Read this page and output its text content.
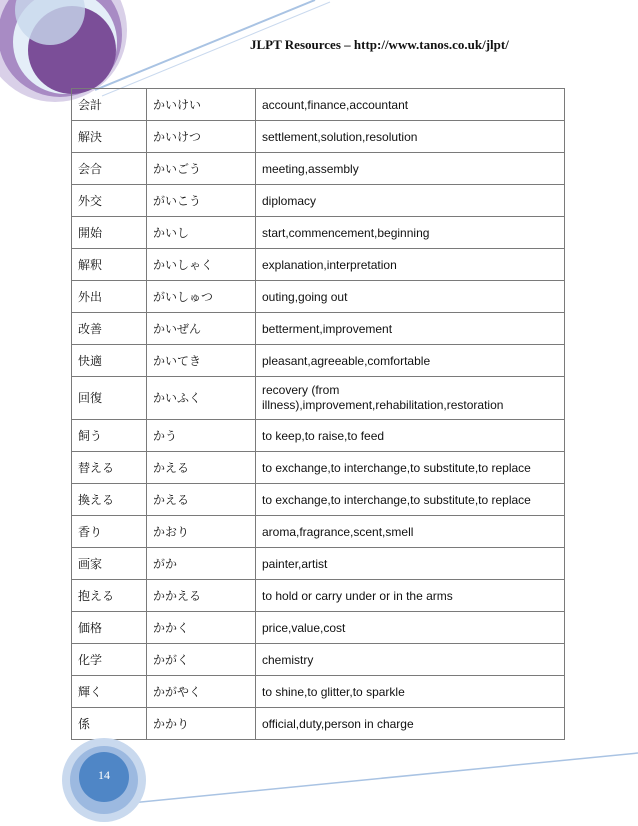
JLPT Resources – http://www.tanos.co.uk/jlpt/
会計	かいけい	account,finance,accountant
解決	かいけつ	settlement,solution,resolution
会合	かいごう	meeting,assembly
外交	がいこう	diplomacy
開始	かいし	start,commencement,beginning
解釈	かいしゃく	explanation,interpretation
外出	がいしゅつ	outing,going out
改善	かいぜん	betterment,improvement
快適	かいてき	pleasant,agreeable,comfortable
回復	かいふく	recovery (from illness),improvement,rehabilitation,restoration
飼う	かう	to keep,to raise,to feed
替える	かえる	to exchange,to interchange,to substitute,to replace
換える	かえる	to exchange,to interchange,to substitute,to replace
香り	かおり	aroma,fragrance,scent,smell
画家	がか	painter,artist
抱える	かかえる	to hold or carry under or in the arms
価格	かかく	price,value,cost
化学	かがく	chemistry
輝く	かがやく	to shine,to glitter,to sparkle
係	かかり	official,duty,person in charge
14
